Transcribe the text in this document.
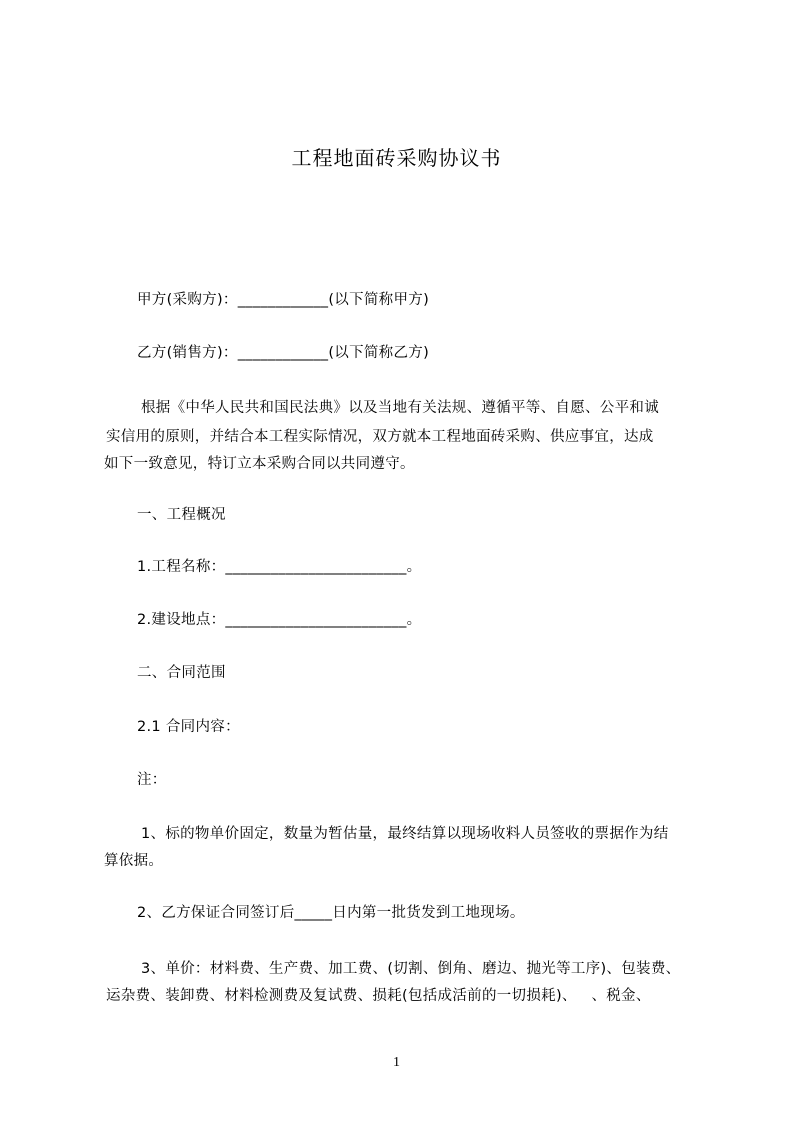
工程地面砖采购协议书
甲方(采购方)：____________(以下简称甲方)
乙方(销售方)：____________(以下简称乙方)
根据《中华人民共和国民法典》以及当地有关法规、遵循平等、自愿、公平和诚
实信用的原则，并结合本工程实际情况，双方就本工程地面砖采购、供应事宜，达成
如下一致意见，特订立本采购合同以共同遵守。
一、工程概况
1.工程名称：________________________。
2.建设地点：________________________。
二、合同范围
2.1 合同内容：
注：
1、标的物单价固定，数量为暂估量，最终结算以现场收料人员签收的票据作为结
算依据。
2、乙方保证合同签订后_____日内第一批货发到工地现场。
3、单价：材料费、生产费、加工费、(切割、倒角、磨边、抛光等工序)、包装费、
运杂费、装卸费、材料检测费及复试费、损耗(包括成活前的一切损耗)、   、税金、
1
